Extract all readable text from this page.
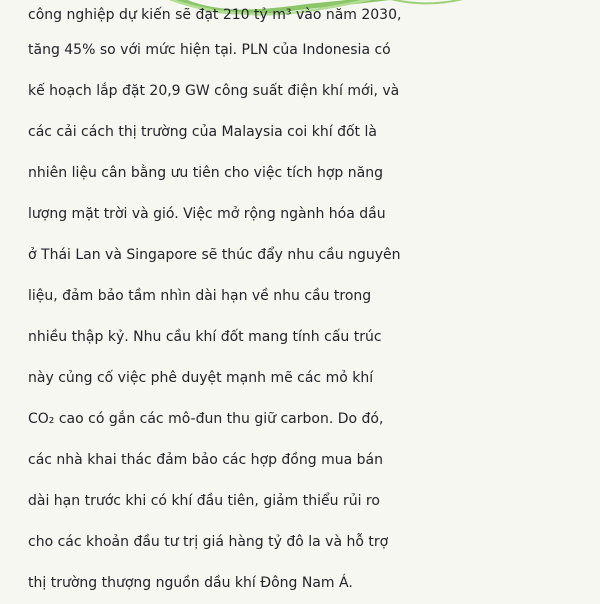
công nghiệp dự kiến sẽ đạt 210 tỷ m³ vào năm 2030,
tăng 45% so với mức hiện tại. PLN của Indonesia có
kế hoạch lắp đặt 20,9 GW công suất điện khí mới, và
các cải cách thị trường của Malaysia coi khí đốt là
nhiên liệu cân bằng ưu tiên cho việc tích hợp năng
lượng mặt trời và gió. Việc mở rộng ngành hóa dầu
ở Thái Lan và Singapore sẽ thúc đẩy nhu cầu nguyên
liệu, đảm bảo tầm nhìn dài hạn về nhu cầu trong
nhiều thập kỷ. Nhu cầu khí đốt mang tính cấu trúc
này củng cố việc phê duyệt mạnh mẽ các mỏ khí
CO₂ cao có gắn các mô-đun thu giữ carbon. Do đó,
các nhà khai thác đảm bảo các hợp đồng mua bán
dài hạn trước khi có khí đầu tiên, giảm thiểu rủi ro
cho các khoản đầu tư trị giá hàng tỷ đô la và hỗ trợ
thị trường thượng nguồn dầu khí Đông Nam Á.
